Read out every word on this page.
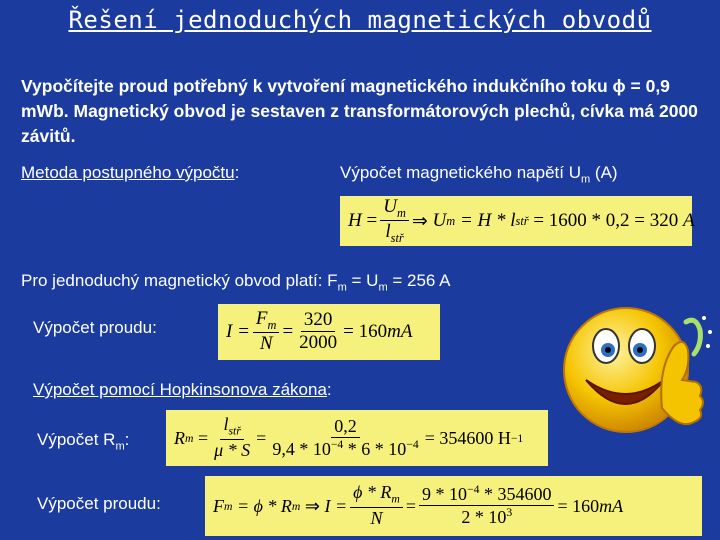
Řešení jednoduchých magnetických obvodů
Vypočítejte proud potřebný k vytvoření magnetického indukčního toku ϕ = 0,9 mWb. Magnetický obvod je sestaven z transformátorových plechů, cívka má 2000 závitů.
Metoda postupného výpočtu:	Výpočet magnetického napětí $U_m$ (A)
H
= $\frac{U_m}{l_{stř}}$ ⇒
U m
= H *
l stř
= 1600 * 0,2 = 320
A
Pro jednoduchý magnetický obvod platí: $F_m = U_m = 256$ A
Výpočet proudu:	$I = \frac{F_m}{N} = \frac{320}{2000} = 160$ mA
Výpočet pomocí Hopkinsonova zákona:
Výpočet $R_m$: R m
= $\frac{l_{stř}}{\mu * S} = \frac{0,2}{9,4 * 10^{-4} * 6 * 10^{-4}} = 354600$ H −1
Výpočet proudu:	F m
= ϕ * R m
⇒
$I = \frac{\phi * R_m}{N} = \frac{9 * 10^{-4} * 354600}{2 * 10^3} = 160$ mA
